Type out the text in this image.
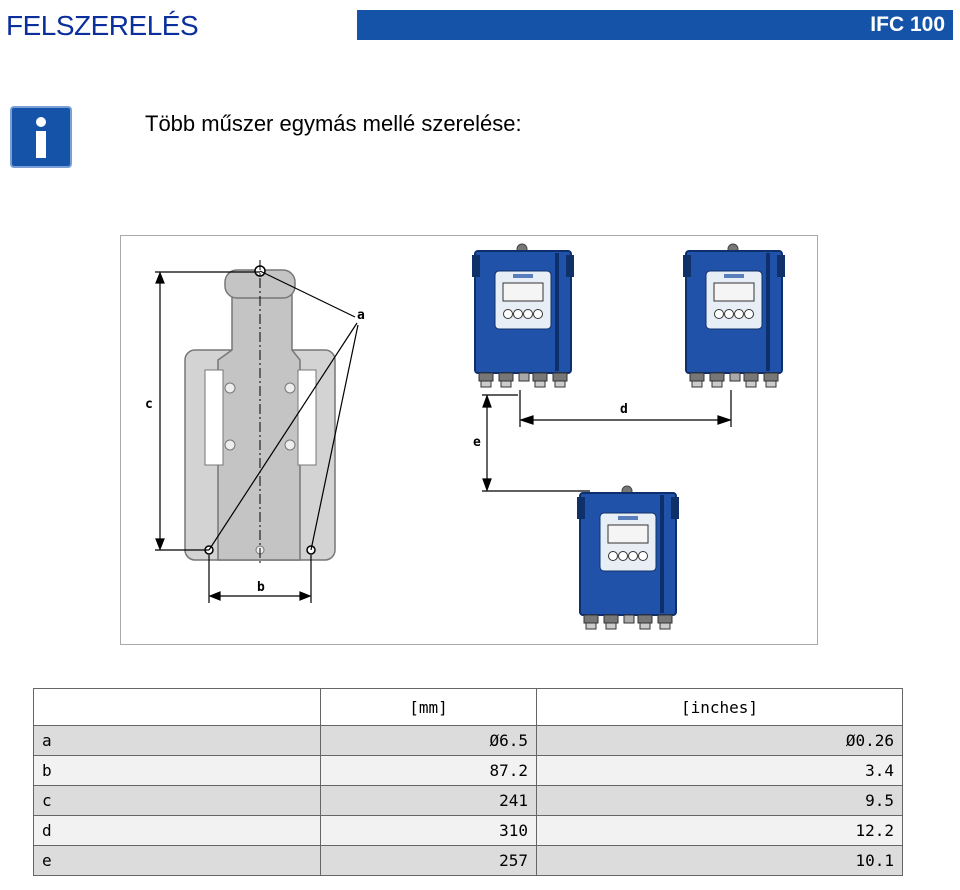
FELSZERELÉS	IFC 100
Több műszer egymás mellé szerelése:
a
c
b
d
e
	[mm]	[inches]
a	Ø6.5	Ø0.26
b	87.2	3.4
c	241	9.5
d	310	12.2
e	257	10.1
